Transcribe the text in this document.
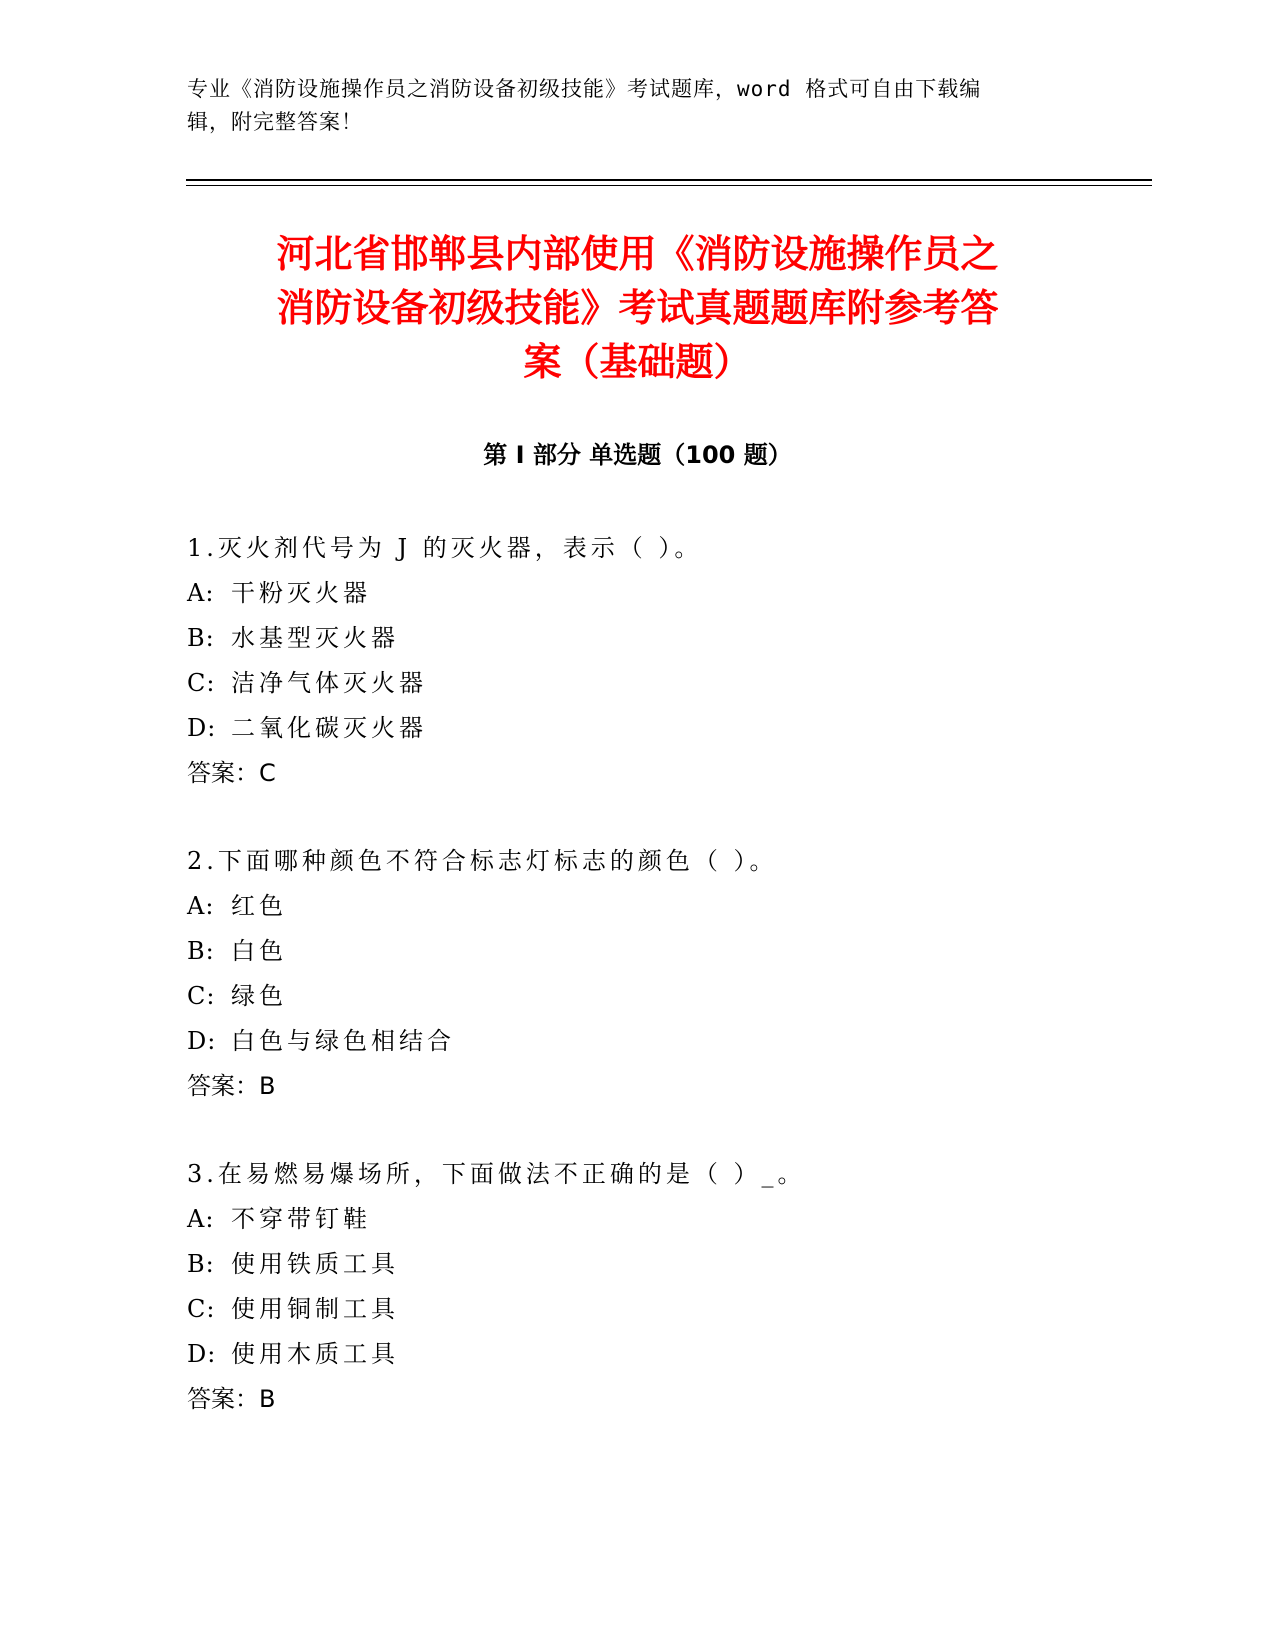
专业《消防设施操作员之消防设备初级技能》考试题库，word 格式可自由下载编
辑，附完整答案！
河北省邯郸县内部使用《消防设施操作员之
消防设备初级技能》考试真题题库附参考答
案（基础题）
第 I 部分 单选题（100 题）
1.灭火剂代号为 J 的灭火器，表示（ ）。
A: 干粉灭火器
B: 水基型灭火器
C: 洁净气体灭火器
D: 二氧化碳灭火器
答案：C
2.下面哪种颜色不符合标志灯标志的颜色（ ）。
A: 红色
B: 白色
C: 绿色
D: 白色与绿色相结合
答案：B
3.在易燃易爆场所，下面做法不正确的是（ ）_。
A: 不穿带钉鞋
B: 使用铁质工具
C: 使用铜制工具
D: 使用木质工具
答案：B
